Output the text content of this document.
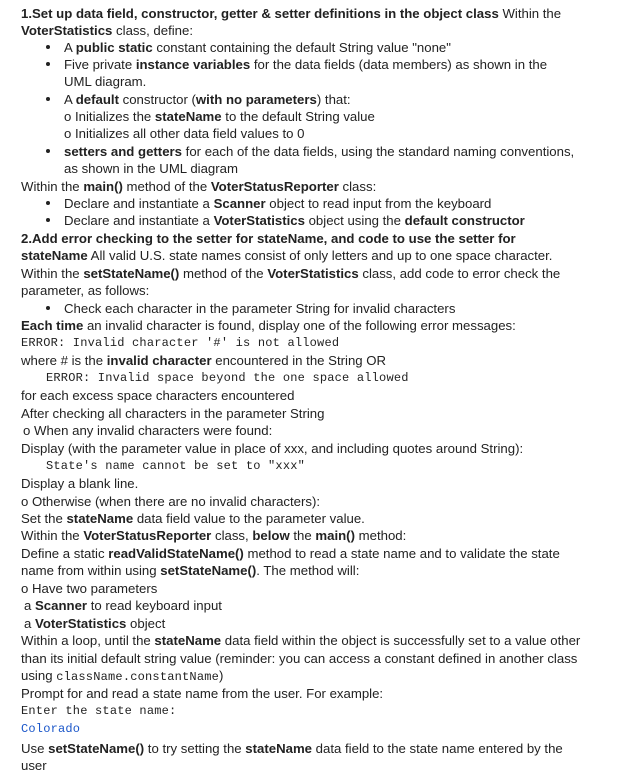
1.Set up data field, constructor, getter & setter definitions in the object class Within the
VoterStatistics class, define:
A public static constant containing the default String value "none"
Five private instance variables for the data fields (data members) as shown in the
UML diagram.
A default constructor (with no parameters) that:
o Initializes the stateName to the default String value
o Initializes all other data field values to 0
setters and getters for each of the data fields, using the standard naming conventions,
as shown in the UML diagram
Within the main() method of the VoterStatusReporter class:
Declare and instantiate a Scanner object to read input from the keyboard
Declare and instantiate a VoterStatistics object using the default constructor
2.Add error checking to the setter for stateName, and code to use the setter for
stateName All valid U.S. state names consist of only letters and up to one space character.
Within the setStateName() method of the VoterStatistics class, add code to error check the
parameter, as follows:
Check each character in the parameter String for invalid characters
Each time an invalid character is found, display one of the following error messages:
ERROR: Invalid character '#' is not allowed
where # is the invalid character encountered in the String OR
ERROR: Invalid space beyond the one space allowed
for each excess space characters encountered
After checking all characters in the parameter String
o When any invalid characters were found:
Display (with the parameter value in place of xxx, and including quotes around String):
State's name cannot be set to "xxx"
Display a blank line.
o Otherwise (when there are no invalid characters):
Set the stateName data field value to the parameter value.
Within the VoterStatusReporter class, below the main() method:
Define a static readValidStateName() method to read a state name and to validate the state
name from within using setStateName(). The method will:
o Have two parameters
a Scanner to read keyboard input
a VoterStatistics object
Within a loop, until the stateName data field within the object is successfully set to a value other
than its initial default string value (reminder: you can access a constant defined in another class
using className.constantName)
Prompt for and read a state name from the user. For example:
Enter the state name:
Colorado
Use setStateName() to try setting the stateName data field to the state name entered by the
user
